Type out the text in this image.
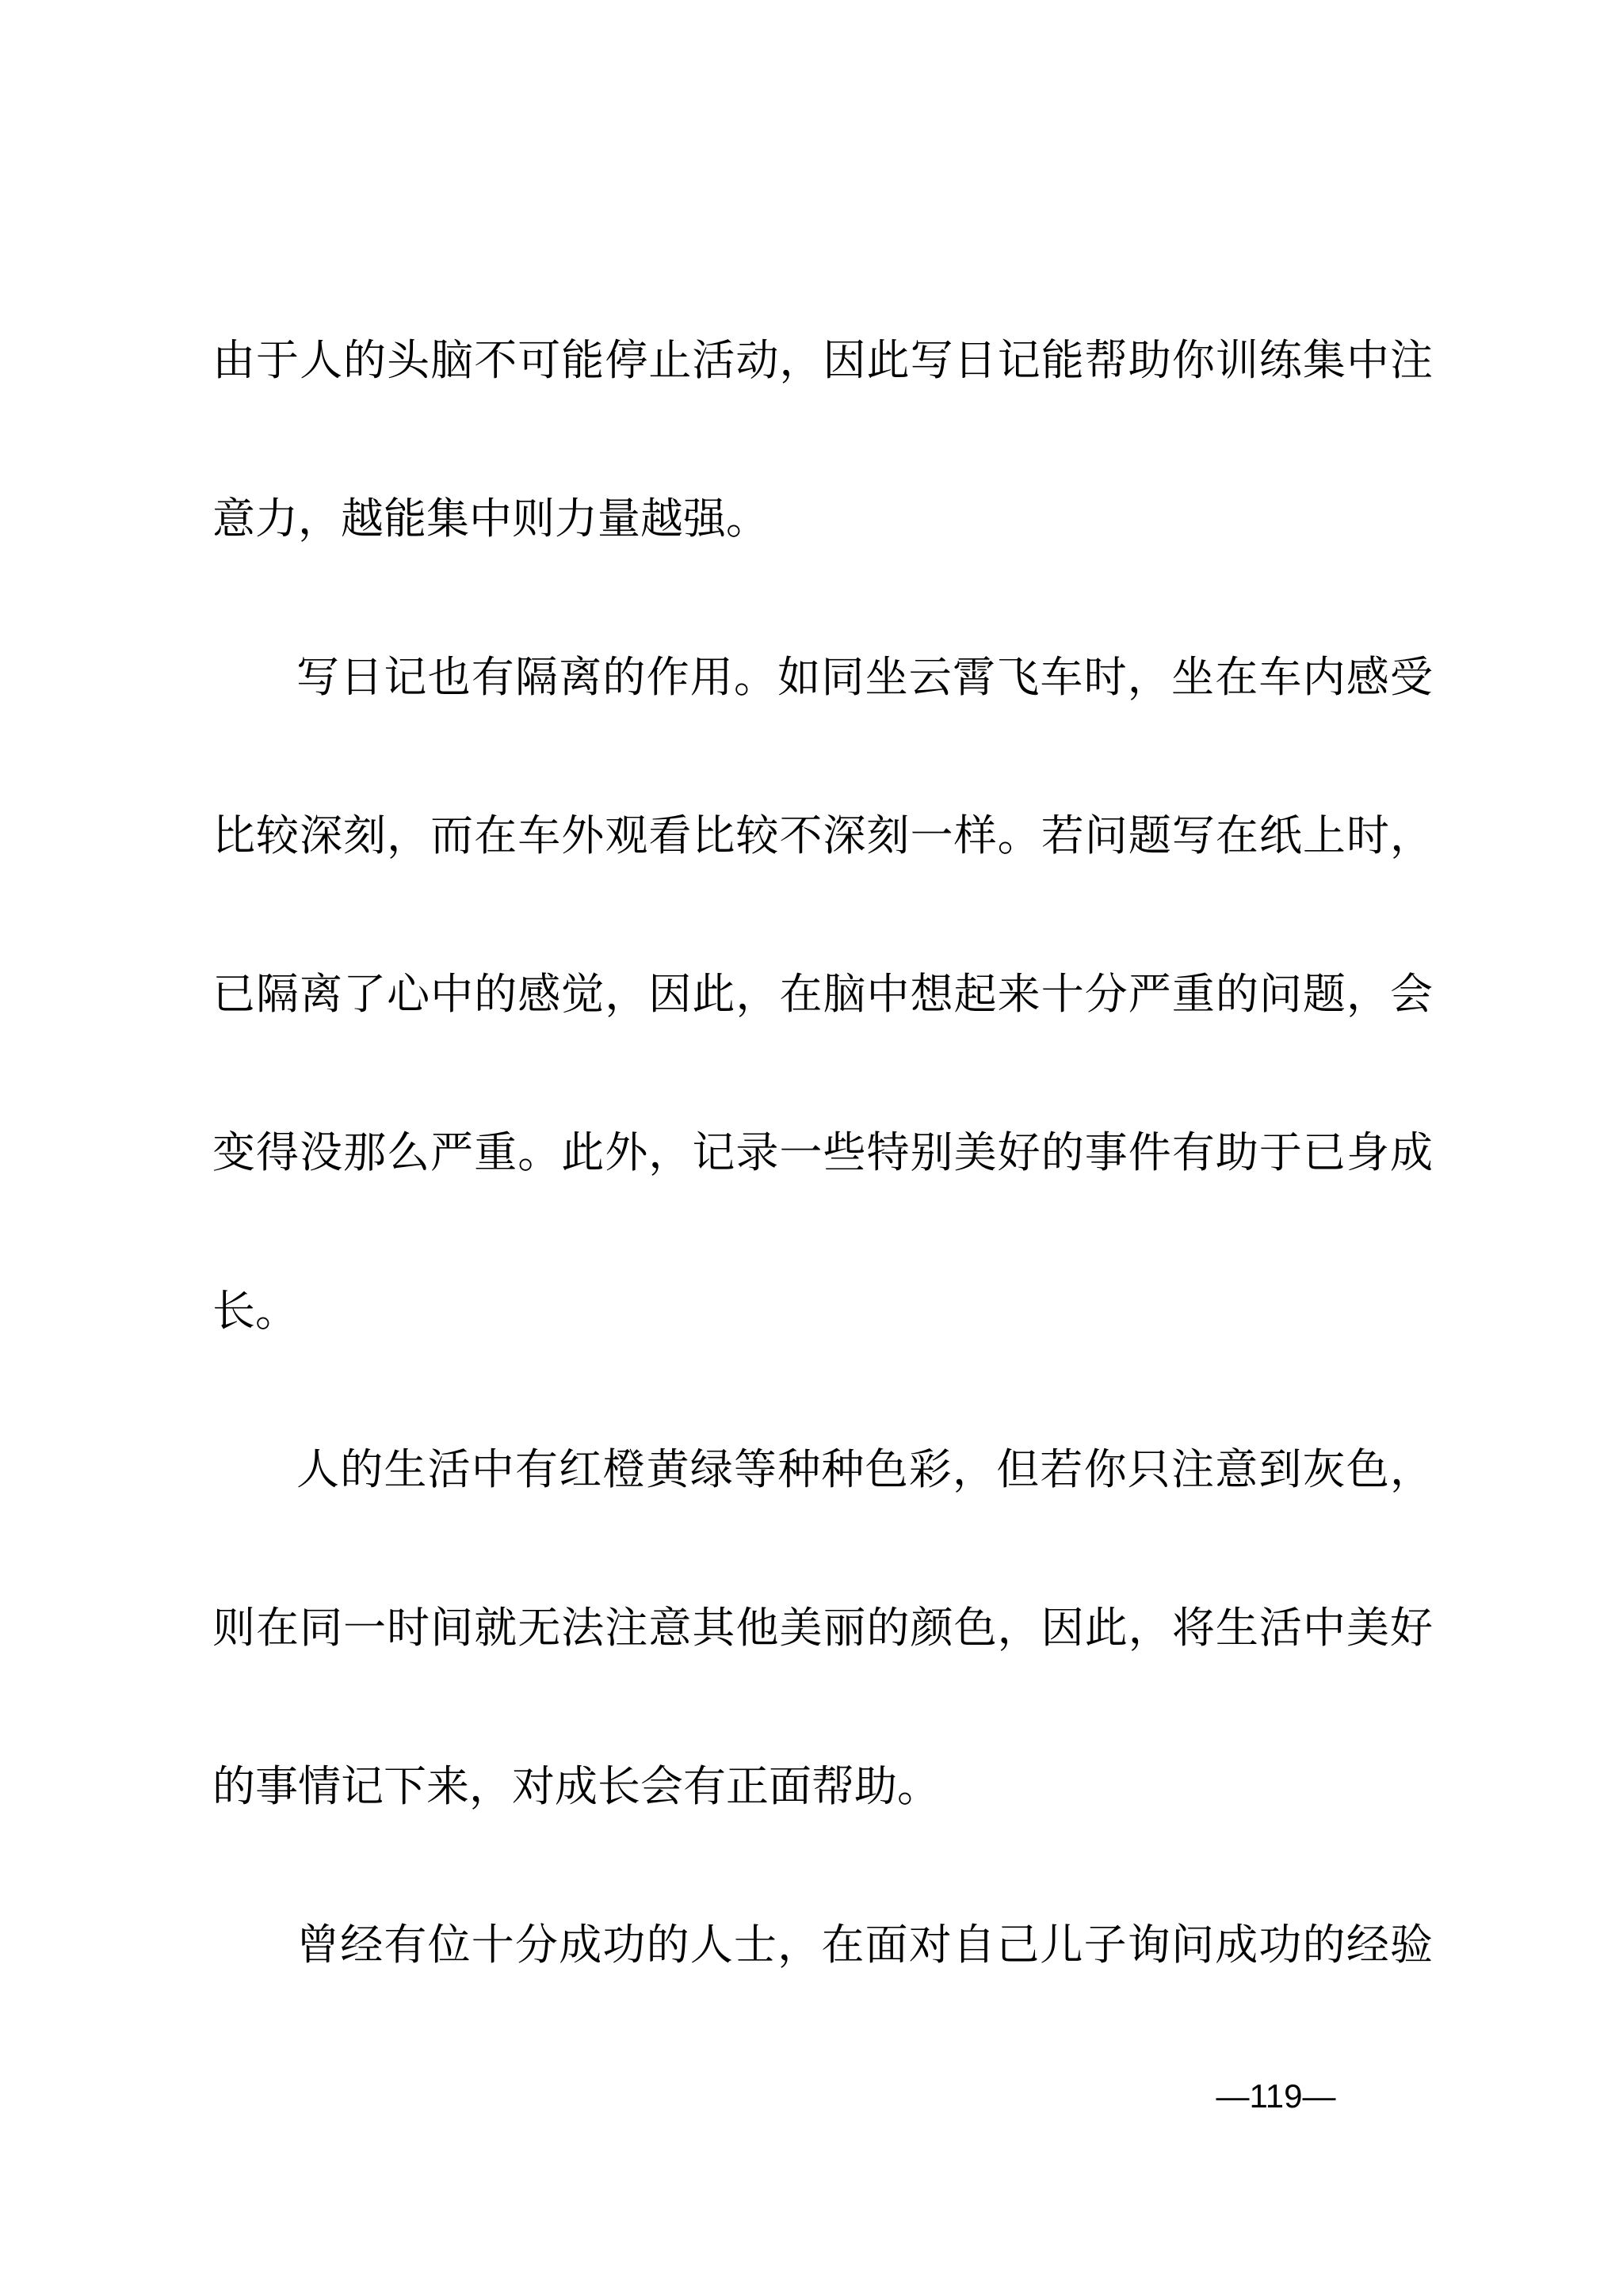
由于人的头脑不可能停止活动，因此写日记能帮助你训练集中注
意力，越能集中则力量越强。
写日记也有隔离的作用。如同坐云霄飞车时，坐在车内感受
比较深刻，而在车外观看比较不深刻一样。若问题写在纸上时，
已隔离了心中的感觉，因此，在脑中想起来十分严重的问题，会
变得没那么严重。此外，记录一些特别美好的事件有助于已身成
长。
人的生活中有红橙黄绿等种种色彩，但若你只注意到灰色，
则在同一时间就无法注意其他美丽的颜色，因此，将生活中美好
的事情记下来，对成长会有正面帮助。
曾经有位十分成功的人士，在面对自己儿子询问成功的经验
—119—
